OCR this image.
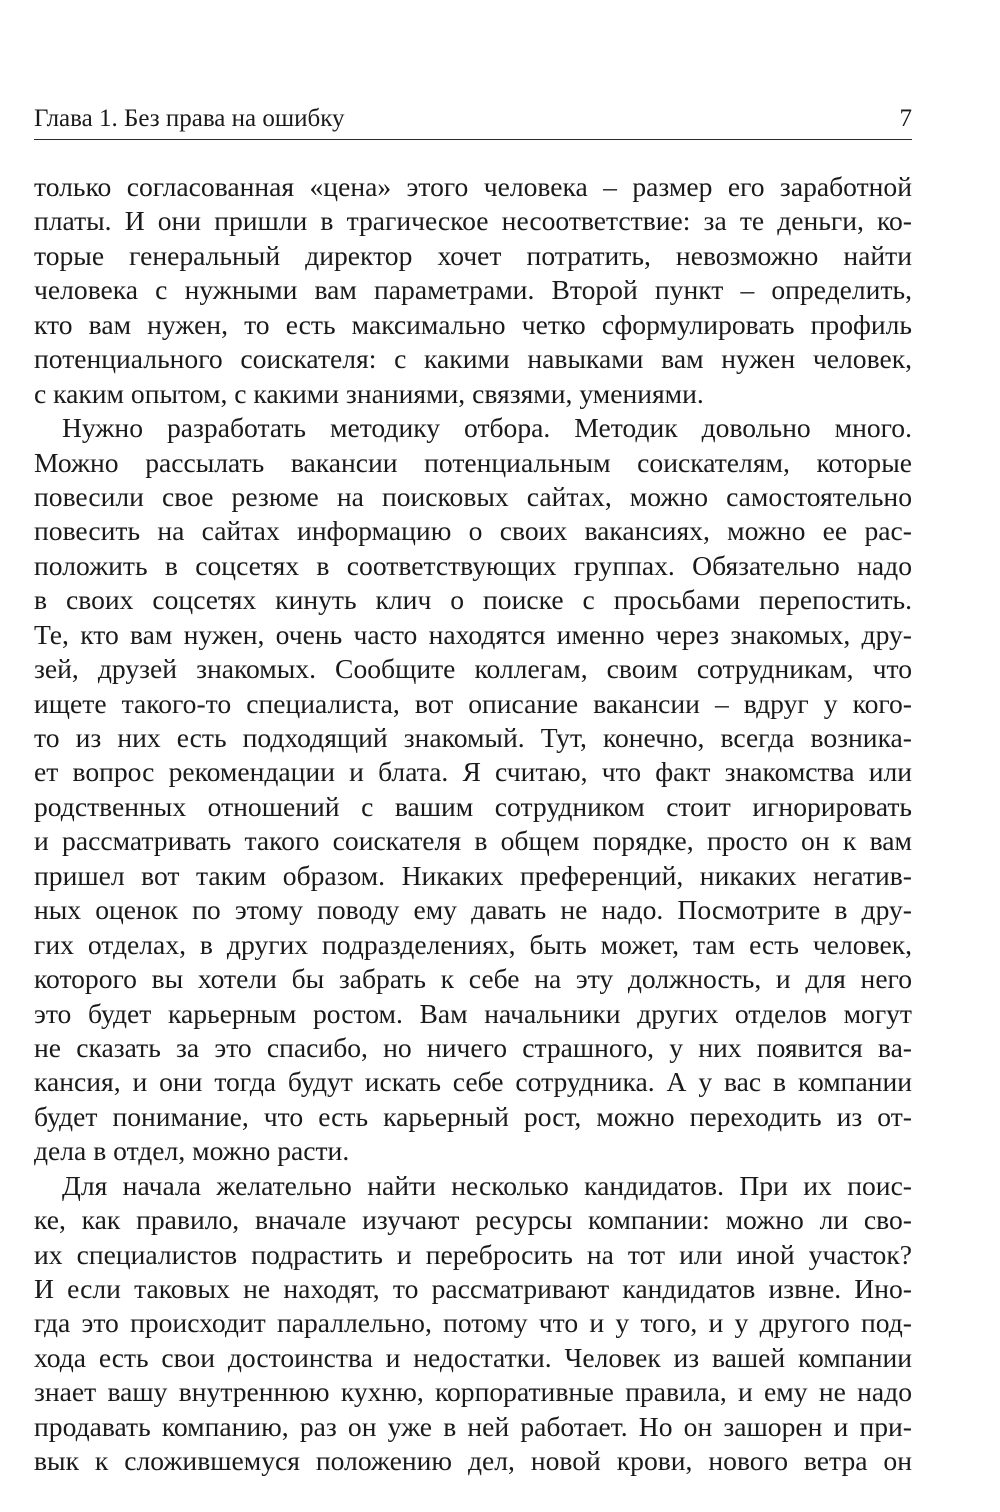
Глава 1. Без права на ошибку	7
только согласованная «цена» этого человека – размер его заработной
платы. И они пришли в трагическое несоответствие: за те деньги, ко-
торые генеральный директор хочет потратить, невозможно найти
человека с нужными вам параметрами. Второй пункт – определить,
кто вам нужен, то есть максимально четко сформулировать профиль
потенциального соискателя: с какими навыками вам нужен человек,
с каким опытом, с какими знаниями, связями, умениями.
Нужно разработать методику отбора. Методик довольно много.
Можно рассылать вакансии потенциальным соискателям, которые
повесили свое резюме на поисковых сайтах, можно самостоятельно
повесить на сайтах информацию о своих вакансиях, можно ее рас-
положить в соцсетях в соответствующих группах. Обязательно надо
в своих соцсетях кинуть клич о поиске с просьбами перепостить.
Те, кто вам нужен, очень часто находятся именно через знакомых, дру-
зей, друзей знакомых. Сообщите коллегам, своим сотрудникам, что
ищете такого-то специалиста, вот описание вакансии – вдруг у кого-
то из них есть подходящий знакомый. Тут, конечно, всегда возника-
ет вопрос рекомендации и блата. Я считаю, что факт знакомства или
родственных отношений с вашим сотрудником стоит игнорировать
и рассматривать такого соискателя в общем порядке, просто он к вам
пришел вот таким образом. Никаких преференций, никаких негатив-
ных оценок по этому поводу ему давать не надо. Посмотрите в дру-
гих отделах, в других подразделениях, быть может, там есть человек,
которого вы хотели бы забрать к себе на эту должность, и для него
это будет карьерным ростом. Вам начальники других отделов могут
не сказать за это спасибо, но ничего страшного, у них появится ва-
кансия, и они тогда будут искать себе сотрудника. А у вас в компании
будет понимание, что есть карьерный рост, можно переходить из от-
дела в отдел, можно расти.
Для начала желательно найти несколько кандидатов. При их поис-
ке, как правило, вначале изучают ресурсы компании: можно ли сво-
их специалистов подрастить и перебросить на тот или иной участок?
И если таковых не находят, то рассматривают кандидатов извне. Ино-
гда это происходит параллельно, потому что и у того, и у другого под-
хода есть свои достоинства и недостатки. Человек из вашей компании
знает вашу внутреннюю кухню, корпоративные правила, и ему не надо
продавать компанию, раз он уже в ней работает. Но он зашорен и при-
вык к сложившемуся положению дел, новой крови, нового ветра он
